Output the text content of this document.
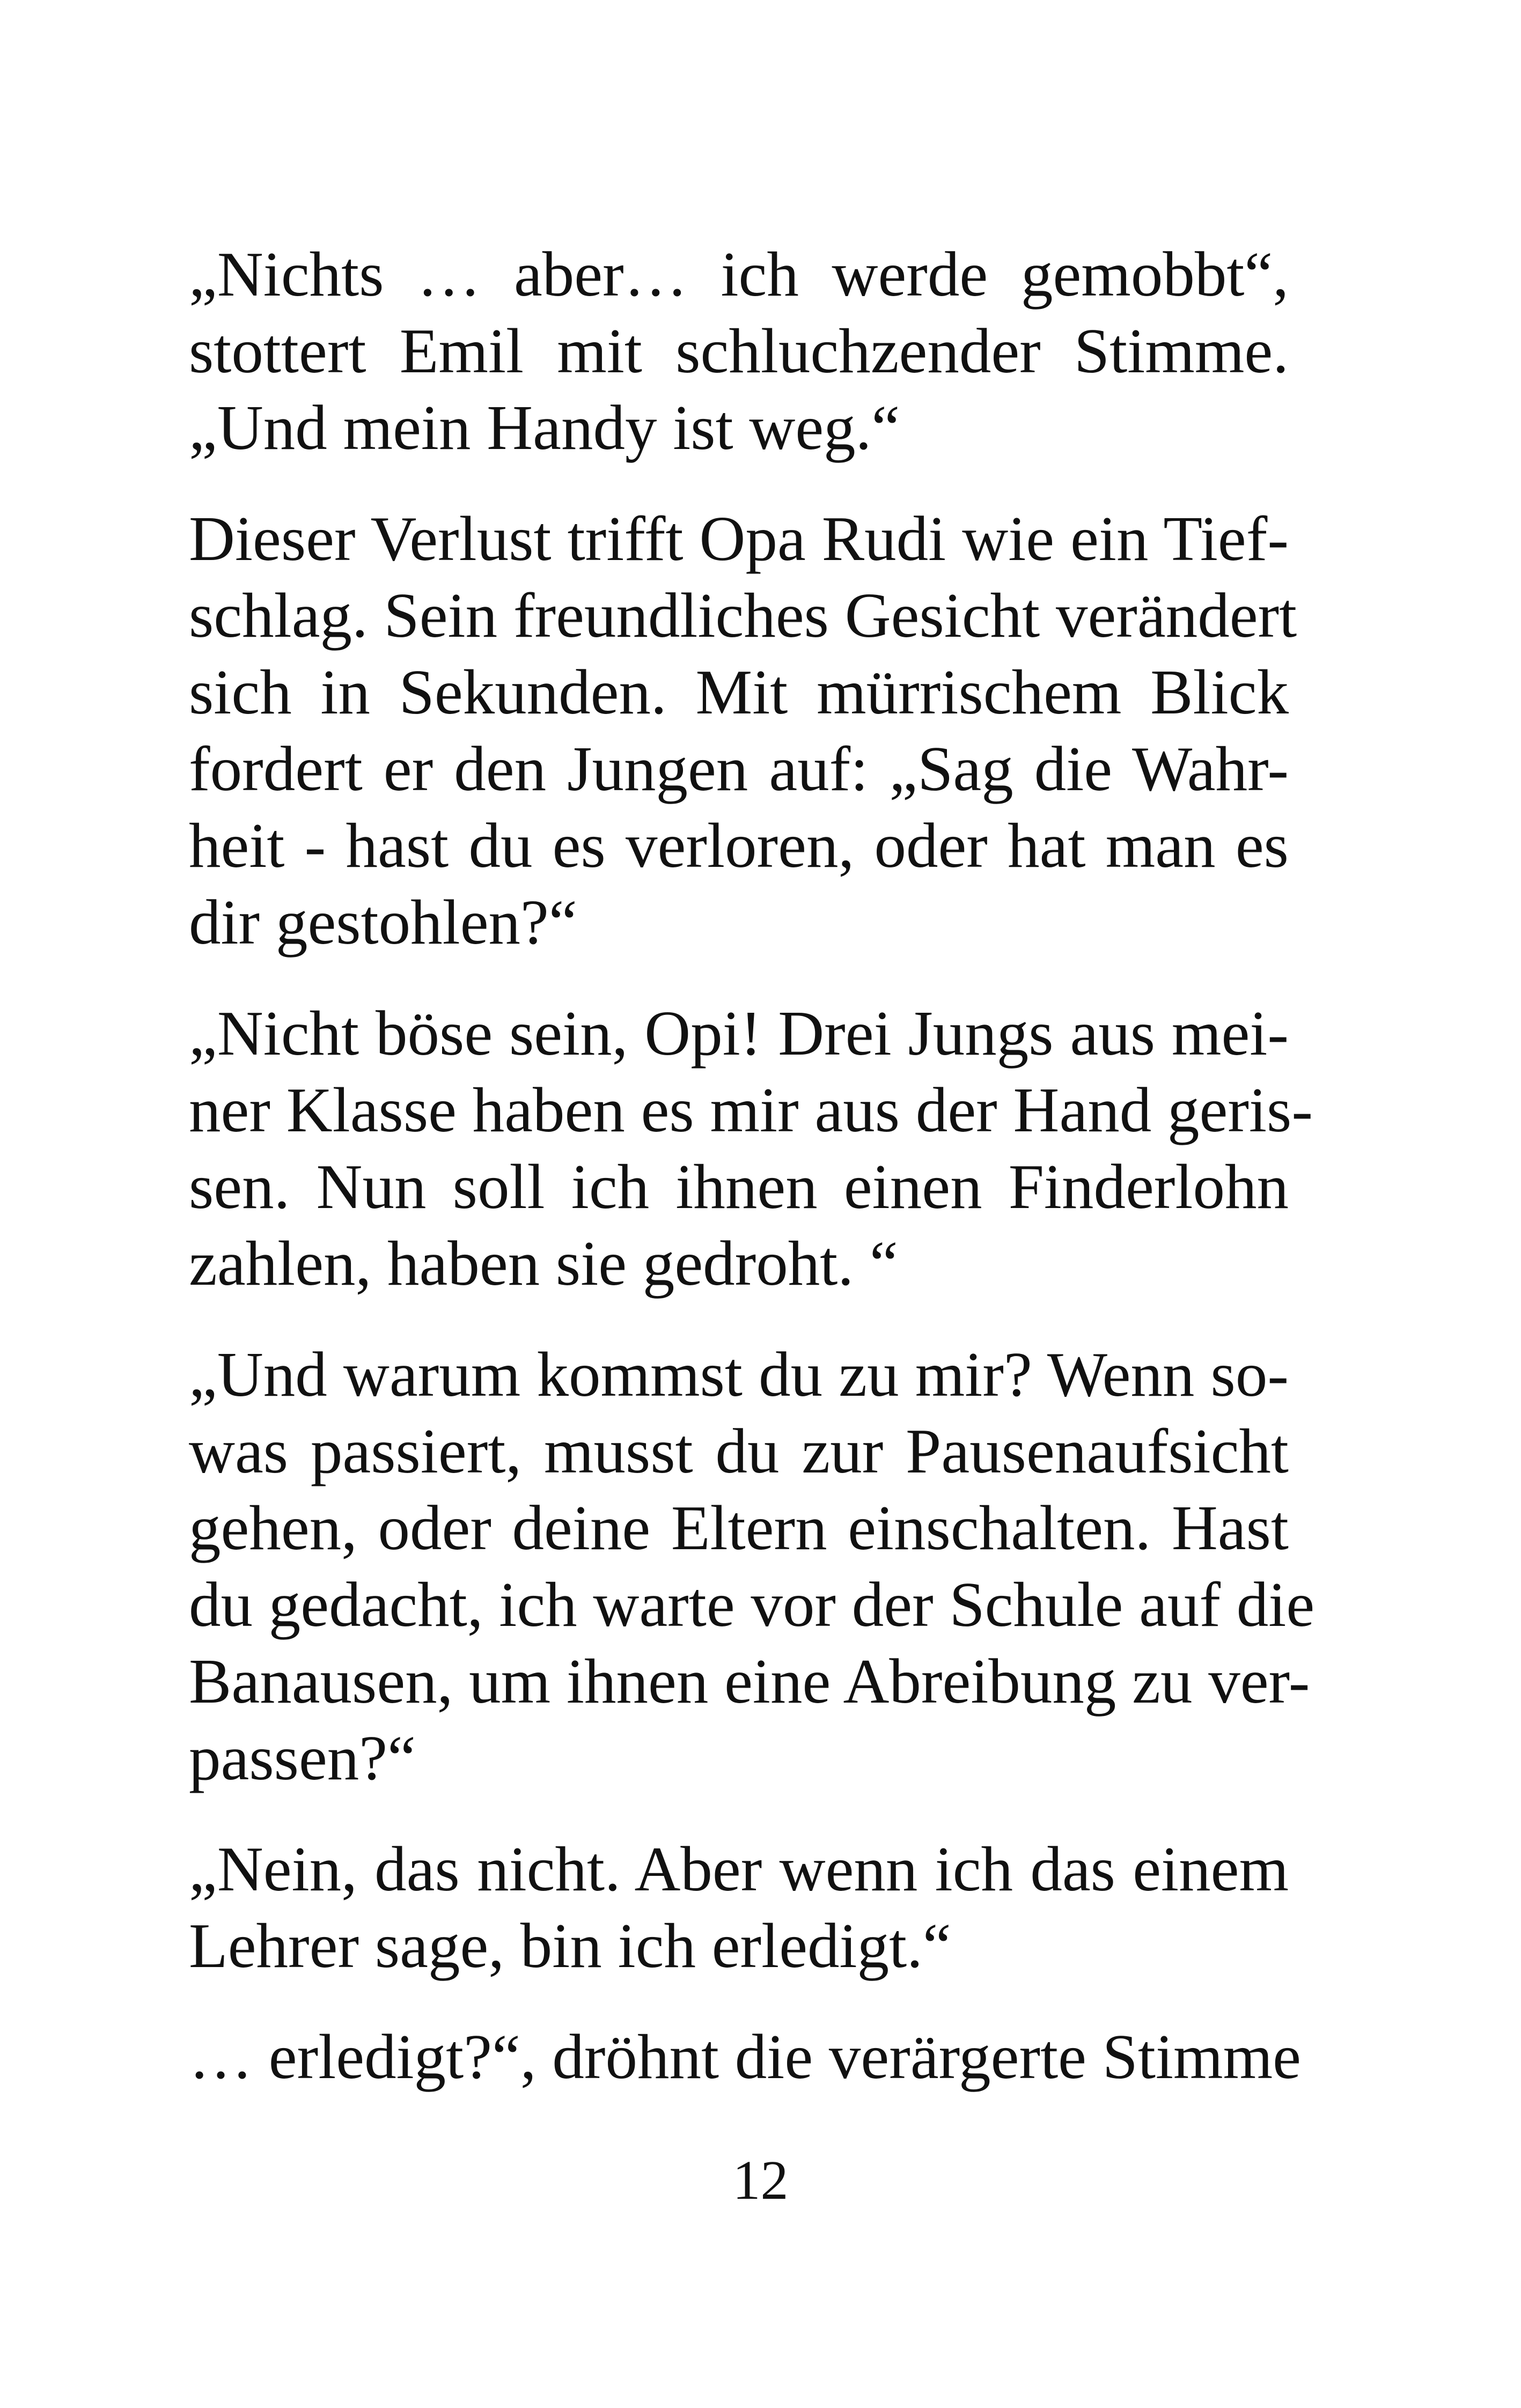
„Nichts … aber… ich werde gemobbt“,
stottert Emil mit schluchzender Stimme.
„Und mein Handy ist weg.“
Dieser Verlust trifft Opa Rudi wie ein Tief-
schlag. Sein freundliches Gesicht verändert
sich in Sekunden. Mit mürrischem Blick
fordert er den Jungen auf: „Sag die Wahr-
heit - hast du es verloren, oder hat man es
dir gestohlen?“
„Nicht böse sein, Opi! Drei Jungs aus mei-
ner Klasse haben es mir aus der Hand geris-
sen. Nun soll ich ihnen einen Finderlohn
zahlen, haben sie gedroht. “
„Und warum kommst du zu mir? Wenn so-
was passiert, musst du zur Pausenaufsicht
gehen, oder deine Eltern einschalten. Hast
du gedacht, ich warte vor der Schule auf die
Banausen, um ihnen eine Abreibung zu ver-
passen?“
„Nein, das nicht. Aber wenn ich das einem
Lehrer sage, bin ich erledigt.“
… erledigt?“, dröhnt die verärgerte Stimme
12
